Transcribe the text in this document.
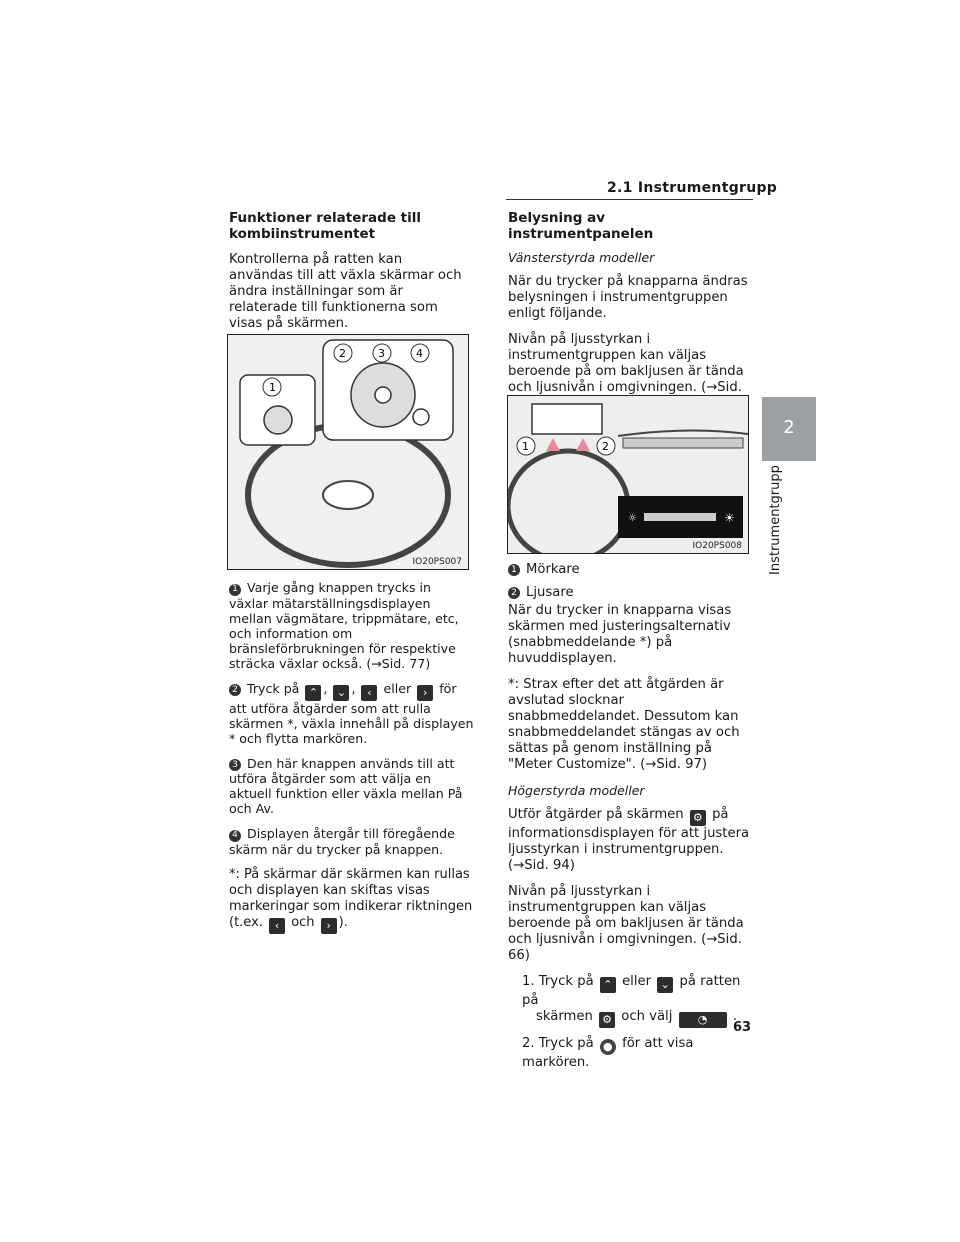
2.1 Instrumentgrupp
2
Instrumentgrupp

Funktioner relaterade till kombiinstrumentet

Kontrollerna på ratten kan användas till att växla skärmar och ändra inställningar som är relaterade till funktionerna som visas på skärmen.

1
2	3	4
IO20PS007

1 Varje gång knappen trycks in växlar mätarställningsdisplayen mellan vägmätare, trippmätare, etc, och information om bränsleförbrukningen för respektive sträcka växlar också. (→Sid. 77)

2 Tryck på ⌃ , ⌄ , ‹ eller › för att utföra åtgärder som att rulla skärmen *, växla innehåll på displayen * och flytta markören.

3 Den här knappen används till att utföra åtgärder som att välja en aktuell funktion eller växla mellan På och Av.

4 Displayen återgår till föregående skärm när du trycker på knappen.

*: På skärmar där skärmen kan rullas och displayen kan skiftas visas markeringar som indikerar riktningen (t.ex. ‹ och › ).

Belysning av instrumentpanelen

Vänsterstyrda modeller

När du trycker på knapparna ändras belysningen i instrumentgruppen enligt följande.

Nivån på ljusstyrkan i instrumentgruppen kan väljas beroende på om bakljusen är tända och ljusnivån i omgivningen. (→Sid.

1	2
☼	☀
IO20PS008

1 Mörkare

2 Ljusare

När du trycker in knapparna visas skärmen med justeringsalternativ (snabbmeddelande *) på huvuddisplayen.

*: Strax efter det att åtgärden är avslutad slocknar snabbmeddelandet. Dessutom kan snabbmeddelandet stängas av och sättas på genom inställning på "Meter Customize". (→Sid. 97)

Högerstyrda modeller

Utför åtgärder på skärmen ⚙ på informationsdisplayen för att justera ljusstyrkan i instrumentgruppen. (→Sid. 94)

Nivån på ljusstyrkan i instrumentgruppen kan väljas beroende på om bakljusen är tända och ljusnivån i omgivningen. (→Sid. 66)

1. Tryck på ⌃ eller ⌄ på ratten på
skärmen ⚙ och välj ◔ .
2. Tryck på ● för att visa markören.
63
